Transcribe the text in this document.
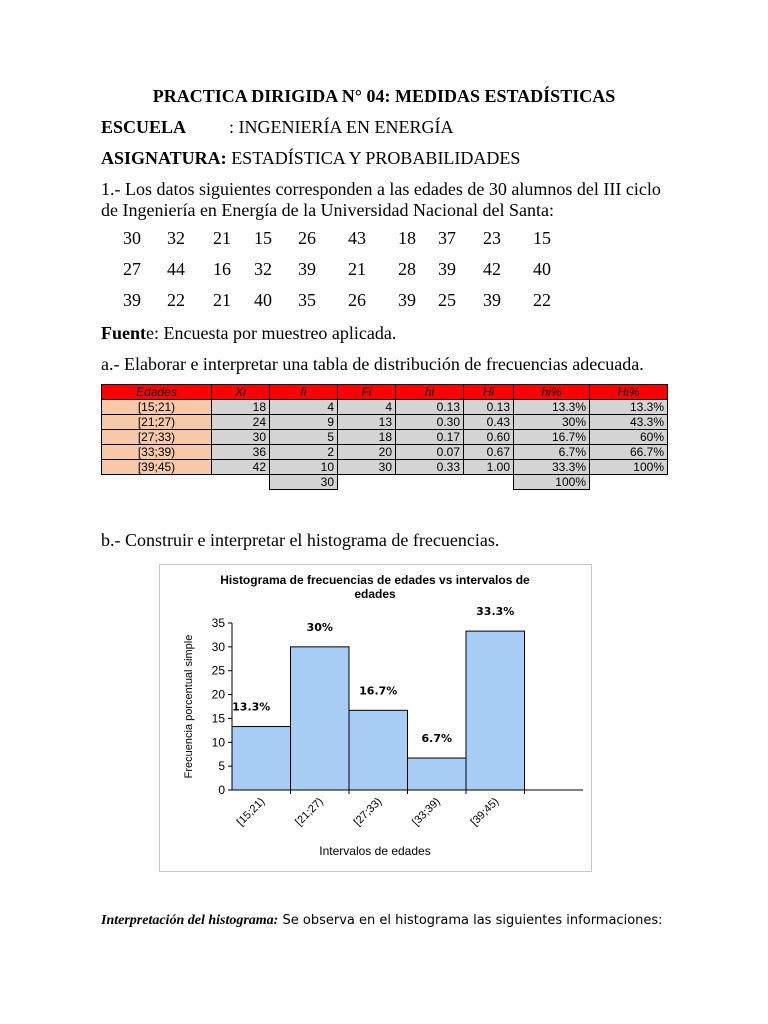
PRACTICA DIRIGIDA N° 04: MEDIDAS ESTADÍSTICAS
ESCUELA : INGENIERÍA EN ENERGÍA
ASIGNATURA: ESTADÍSTICA Y PROBABILIDADES
1.- Los datos siguientes corresponden a las edades de 30 alumnos del III ciclo
de Ingeniería en Energía de la Universidad Nacional del Santa:
30 32 21 15 26 43 18 37 23 15
27 44 16 32 39 21 28 39 42 40
39 22 21 40 35 26 39 25 39 22
Fuente: Encuesta por muestreo aplicada.
a.- Elaborar e interpretar una tabla de distribución de frecuencias adecuada.
Edades	Xi	fi	Fi	hi	Hi	hi%	Hi%
[15;21)	18	4	4	0.13	0.13	13.3%	13.3%
[21;27)	24	9	13	0.30	0.43	30%	43.3%
[27;33)	30	5	18	0.17	0.60	16.7%	60%
[33;39)	36	2	20	0.07	0.67	6.7%	66.7%
[39;45)	42	10	30	0.33	1.00	33.3%	100%
		30				100%	
b.- Construir e interpretar el histograma de frecuencias.
Histograma de frecuencias de edades vs intervalos de
edades
0
5
10
15
20
25
30
35
Frecuencia porcentual simple	13.3%
[15;21)
30%
[21;27)
16.7%
[27;33)
6.7%
[33;39)
33.3%
[39;45)
Intervalos de edades
Interpretación del histograma: Se observa en el histograma las siguientes informaciones:
